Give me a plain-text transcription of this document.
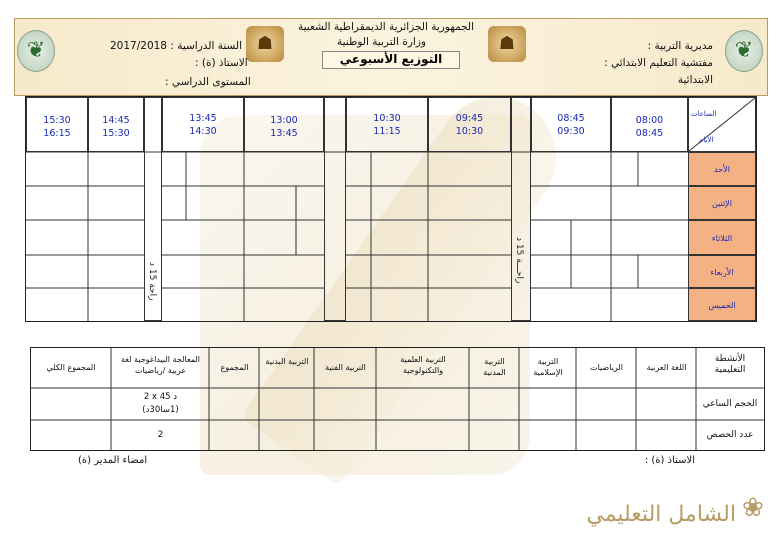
❦
❦	☗
☗
الجمهورية الجزائرية الديمقراطية الشعبية
وزارة التربية الوطنية
التوزيع الأسبوعي
مديرية التربية :
مفتشية التعليم الابتدائي :
الابتدائية
السنة الدراسية : 2017/2018
الاستاذ (ة) :
المستوى الدراسي :
الساعات
الأيام
08:00
08:45
08:45
09:30
09:45
10:30
10:30
11:15
13:00
13:45
13:45
14:30
14:45
15:30
15:30
16:15
راحـــة 15 د
راحة 15 د
الأحد
الإثنين
الثلاثاء
الأربعاء
الخميس
الأنشطة التعليمية
اللغة العربية
الرياضيات
التربية الإسلامية
التربية المدنية
التربية العلمية والتكنولوجية
التربية الفنية
التربية البدنية
المجموع
المعالجة البيداغوجية لغة عربية /رياضيات
المجموع الكلي
الحجم الساعي
2 x د 45
(1سا30د)
عدد الحصص
2
الاستاذ (ة) :
امضاء المدير (ة)
❀
الشامل التعليمي
